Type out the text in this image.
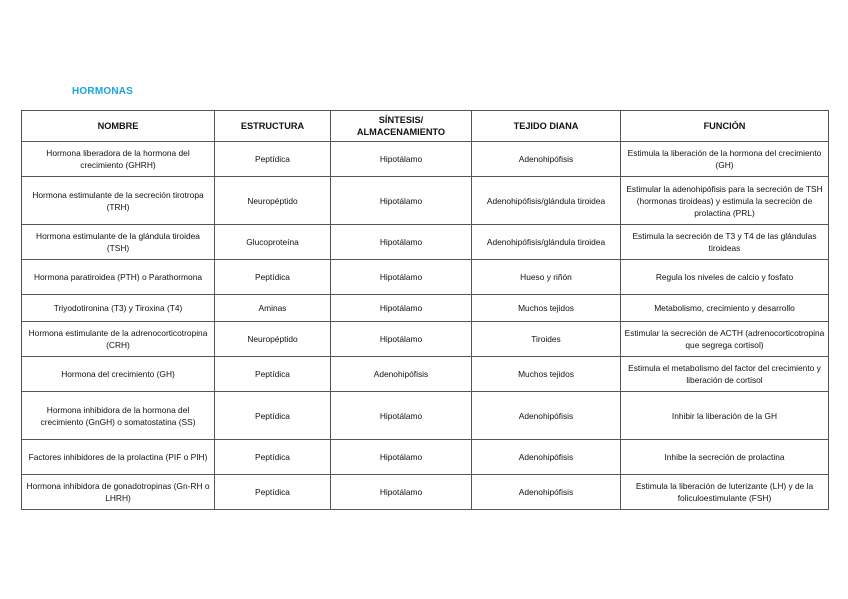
HORMONAS
NOMBRE	ESTRUCTURA	SÍNTESIS/ ALMACENAMIENTO	TEJIDO DIANA	FUNCIÓN
Hormona liberadora de la hormona del crecimiento (GHRH)	Peptídica	Hipotálamo	Adenohipófisis	Estimula la liberación de la hormona del crecimiento (GH)
Hormona estimulante de la secreción tirotropa (TRH)	Neuropéptido	Hipotálamo	Adenohipófisis/glándula tiroidea	Estimular la adenohipófisis para la secreción de TSH (hormonas tiroideas) y estimula la secreción de prolactina (PRL)
Hormona estimulante de la glándula tiroidea (TSH)	Glucoproteína	Hipotálamo	Adenohipófisis/glándula tiroidea	Estimula la secreción de T3 y T4 de las glándulas tiroideas
Hormona paratiroidea (PTH) o Parathormona	Peptídica	Hipotálamo	Hueso y riñón	Regula los niveles de calcio y fosfato
Triyodotironina (T3) y Tiroxina (T4)	Aminas	Hipotálamo	Muchos tejidos	Metabolismo, crecimiento y desarrollo
Hormona estimulante de la adrenocorticotropina (CRH)	Neuropéptido	Hipotálamo	Tiroides	Estimular la secreción de ACTH (adrenocorticotropina que segrega cortisol)
Hormona del crecimiento (GH)	Peptídica	Adenohipófisis	Muchos tejidos	Estimula el metabolismo del factor del crecimiento y liberación de cortisol
Hormona inhibidora de la hormona del crecimiento (GnGH) o somatostatina (SS)	Peptídica	Hipotálamo	Adenohipófisis	Inhibir la liberación de la GH
Factores inhibidores de la prolactina (PIF o PIH)	Peptídica	Hipotálamo	Adenohipófisis	Inhibe la secreción de prolactina
Hormona inhibidora de gonadotropinas (Gn-RH o LHRH)	Peptídica	Hipotálamo	Adenohipófisis	Estimula la liberación de luterizante (LH) y de la foliculoestimulante (FSH)
